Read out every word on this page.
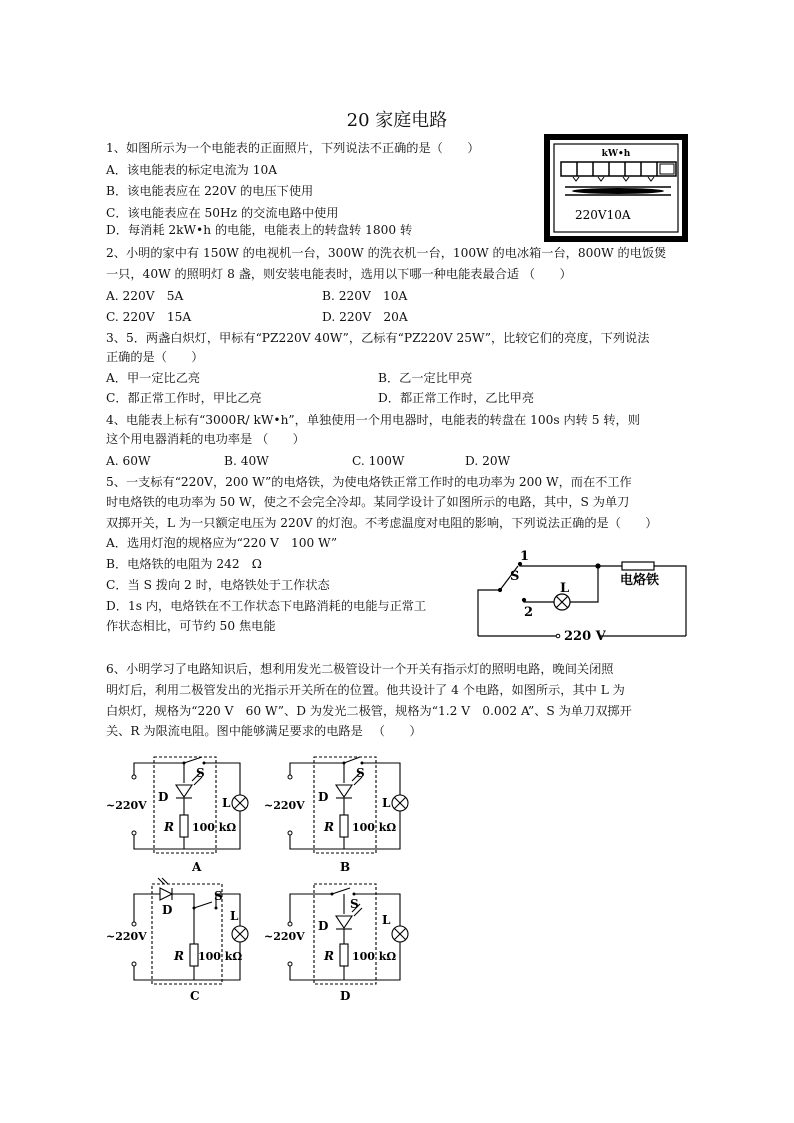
20 家庭电路
1、如图所示为一个电能表的正面照片，下列说法不正确的是（　　）
A．该电能表的标定电流为 10A
B．该电能表应在 220V 的电压下使用
C．该电能表应在 50Hz 的交流电路中使用
D．每消耗 2kW•h 的电能，电能表上的转盘转 1800 转
kW•h
220V10A
2、小明的家中有 150W 的电视机一台，300W 的洗衣机一台，100W 的电冰箱一台，800W 的电饭煲
一只，40W 的照明灯 8 盏，则安装电能表时，选用以下哪一种电能表最合适 （　　）
A. 220V　5A	B. 220V　10A
C. 220V　15A	D. 220V　20A
3、5．两盏白炽灯，甲标有“PZ220V 40W”，乙标有“PZ220V 25W”，比较它们的亮度，下列说法
正确的是（　　）
A．甲一定比乙亮	B．乙一定比甲亮
C．都正常工作时，甲比乙亮	D．都正常工作时，乙比甲亮
4、电能表上标有“3000R/ kW•h”，单独使用一个用电器时，电能表的转盘在 100s 内转 5 转，则
这个用电器消耗的电功率是 （　　）
A. 60W	B. 40W	C. 100W	D. 20W
5、一支标有“220V，200 W”的电烙铁，为使电烙铁正常工作时的电功率为 200 W，而在不工作
时电烙铁的电功率为 50 W，使之不会完全冷却。某同学设计了如图所示的电路，其中，S 为单刀
双掷开关，L 为一只额定电压为 220V 的灯泡。不考虑温度对电阻的影响，下列说法正确的是（　　）
A．选用灯泡的规格应为“220 V　100 W”
B．电烙铁的电阻为 242　Ω
C．当 S 拨向 2 时，电烙铁处于工作状态
D．1s 内，电烙铁在不工作状态下电路消耗的电能与正常工
作状态相比，可节约 50 焦电能
1
2
S
L
电烙铁
220 V
6、小明学习了电路知识后，想利用发光二极管设计一个开关有指示灯的照明电路，晚间关闭照
明灯后，利用二极管发出的光指示开关所在的位置。他共设计了 4 个电路，如图所示，其中 L 为
白炽灯，规格为“220 V　60 W”、D 为发光二极管，规格为“1.2 V　0.002 A”、S 为单刀双掷开
关、R 为限流电阻。图中能够满足要求的电路是 　（　　）
~220V
S
D
R 100 kΩ
L
A
~220V
S
D
R 100 kΩ
L
B
~220V
S
D
R 100 kΩ
L
C
~220V
S
D
R 100 kΩ
L
D
